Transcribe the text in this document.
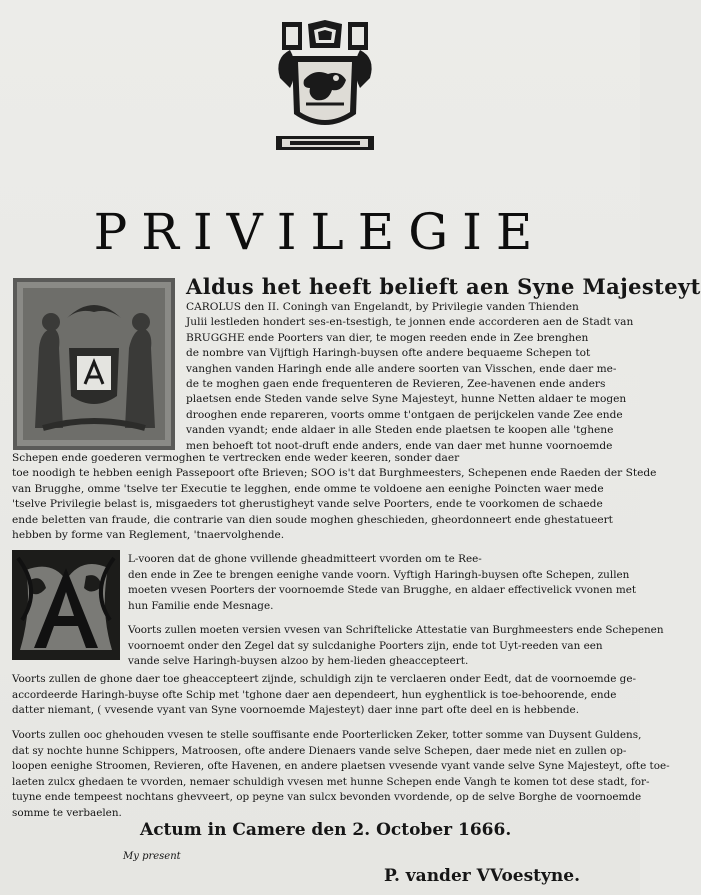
PRIVILEGIE
Aldus het heeft belieft aen Syne Majesteyt
CAROLUS den II. Coningh van Engelandt, by Privilegie vanden Thienden
Julii lestleden hondert ses-en-tsestigh, te jonnen ende accorderen aen de Stadt van
BRUGGHE ende Poorters van dier, te mogen reeden ende in Zee brenghen
de nombre van Vijftigh Haringh-buysen ofte andere bequaeme Schepen tot
vanghen vanden Haringh ende alle andere soorten van Visschen, ende daer me-
de te moghen gaen ende frequenteren de Revieren, Zee-havenen ende anders
plaetsen ende Steden vande selve Syne Majesteyt, hunne Netten aldaer te mogen
drooghen ende repareren, voorts omme t'ontgaen de perijckelen vande Zee ende
vanden vyandt; ende aldaer in alle Steden ende plaetsen te koopen alle 'tghene
men behoeft tot noot-druft ende anders, ende van daer met hunne voornoemde
Schepen ende goederen vermoghen te vertrecken ende weder keeren, sonder daer
toe noodigh te hebben eenigh Passepoort ofte Brieven; SOO is't dat Burghmeesters, Schepenen ende Raeden der Stede
van Brugghe, omme 'tselve ter Executie te legghen, ende omme te voldoene aen eenighe Poincten waer mede
'tselve Privilegie belast is, misgaeders tot gherustigheyt vande selve Poorters, ende te voorkomen de schaede
ende beletten van fraude, die contrarie van dien soude moghen gheschieden, gheordonneert ende ghestatueert
hebben by forme van Reglement, 'tnaervolghende.
L-vooren dat de ghone vvillende gheadmitteert vvorden om te Ree-
den ende in Zee te brengen eenighe vande voorn. Vyftigh Haringh-buysen ofte Schepen, zullen
moeten vvesen Poorters der voornoemde Stede van Brugghe, en aldaer effectivelick vvonen met
hun Familie ende Mesnage.
Voorts zullen moeten versien vvesen van Schriftelicke Attestatie van Burghmeesters ende Schepenen
voornoemt onder den Zegel dat sy sulcdanighe Poorters zijn, ende tot Uyt-reeden van een
vande selve Haringh-buysen alzoo by hem-lieden gheaccepteert.
Voorts zullen de ghone daer toe gheaccepteert zijnde, schuldigh zijn te verclaeren onder Eedt, dat de voornoemde ge-
accordeerde Haringh-buyse ofte Schip met 'tghone daer aen dependeert, hun eyghentlick is toe-behoorende, ende
datter niemant, ( vvesende vyant van Syne voornoemde Majesteyt) daer inne part ofte deel en is hebbende.
Voorts zullen ooc ghehouden vvesen te stelle souffisante ende Poorterlicken Zeker, totter somme van Duysent Guldens,
dat sy nochte hunne Schippers, Matroosen, ofte andere Dienaers vande selve Schepen, daer mede niet en zullen op-
loopen eenighe Stroomen, Revieren, ofte Havenen, en andere plaetsen vvesende vyant vande selve Syne Majesteyt, ofte toe-
laeten zulcx ghedaen te vvorden, nemaer schuldigh vvesen met hunne Schepen ende Vangh te komen tot dese stadt, for-
tuyne ende tempeest nochtans ghevveert, op peyne van sulcx bevonden vvordende, op de selve Borghe de voornoemde
somme te verbaelen.
Actum in Camere den 2. October 1666.
My present
P. vander VVoestyne.
